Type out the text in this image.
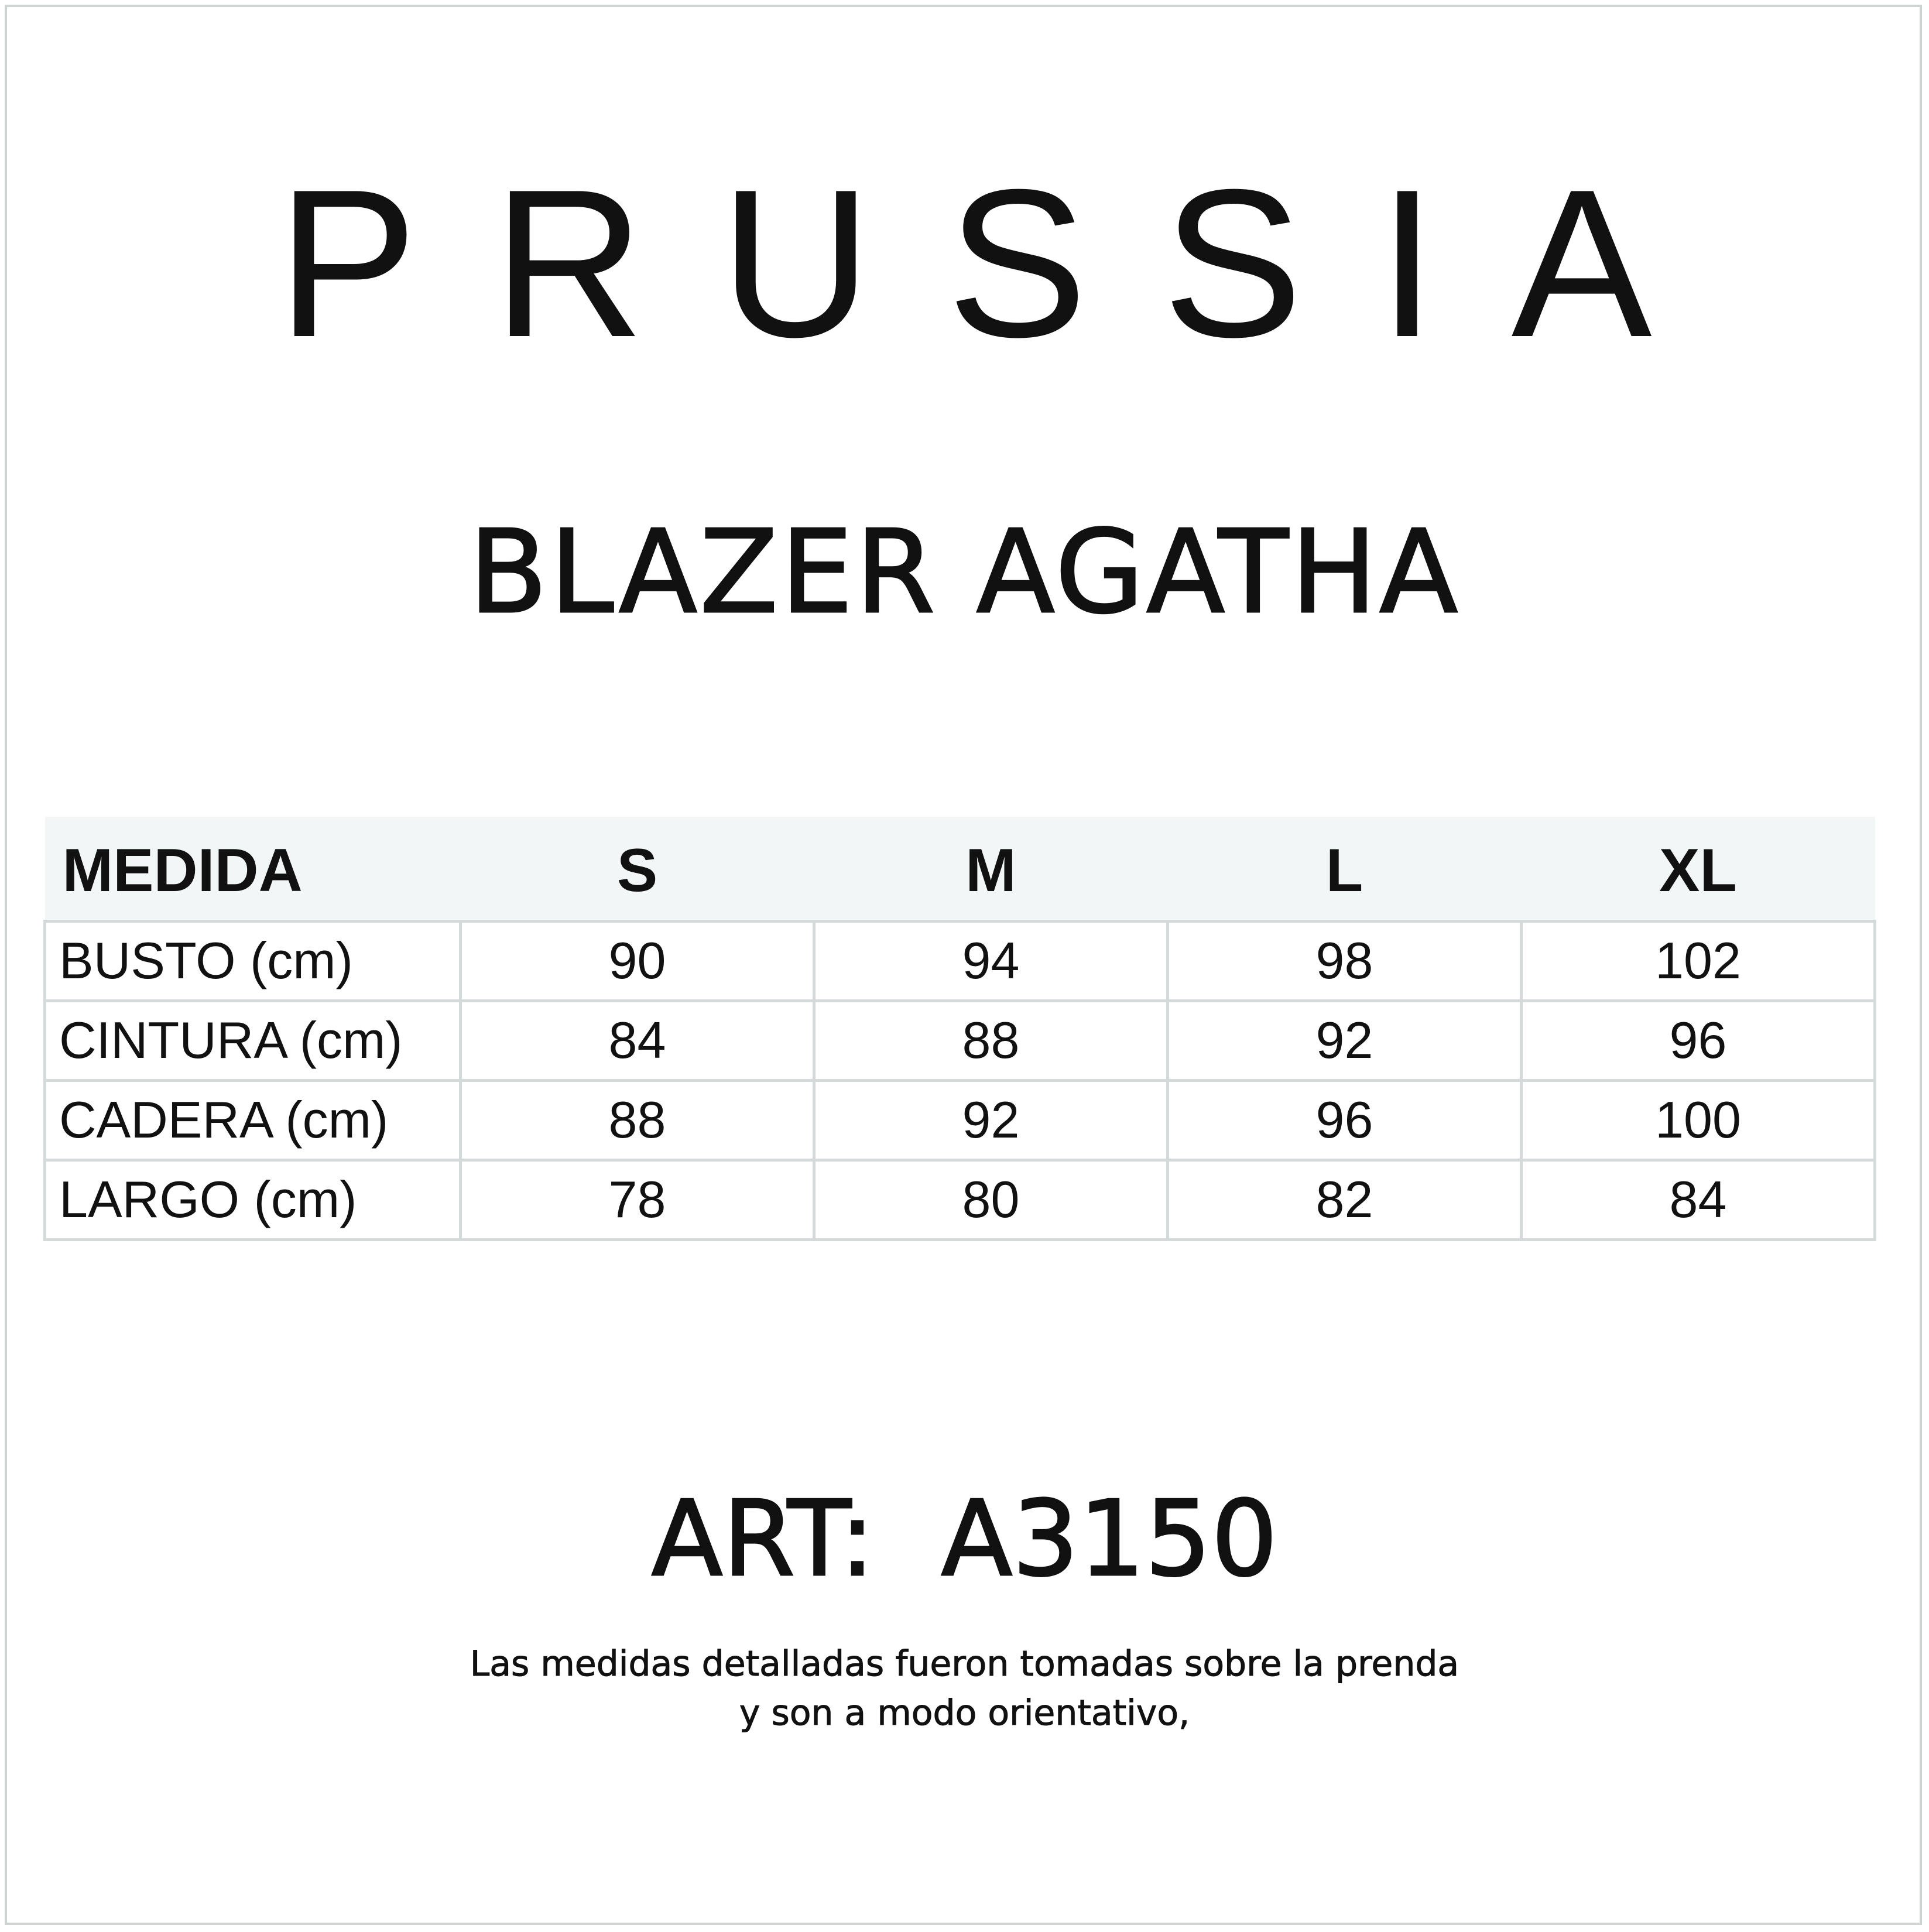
PRUSSIA
BLAZER AGATHA
MEDIDA	S	M	L	XL
BUSTO (cm)	90	94	98	102
CINTURA (cm)	84	88	92	96
CADERA (cm)	88	92	96	100
LARGO (cm)	78	80	82	84
ART: A3150
Las medidas detalladas fueron tomadas sobre la prenda
y son a modo orientativo,
